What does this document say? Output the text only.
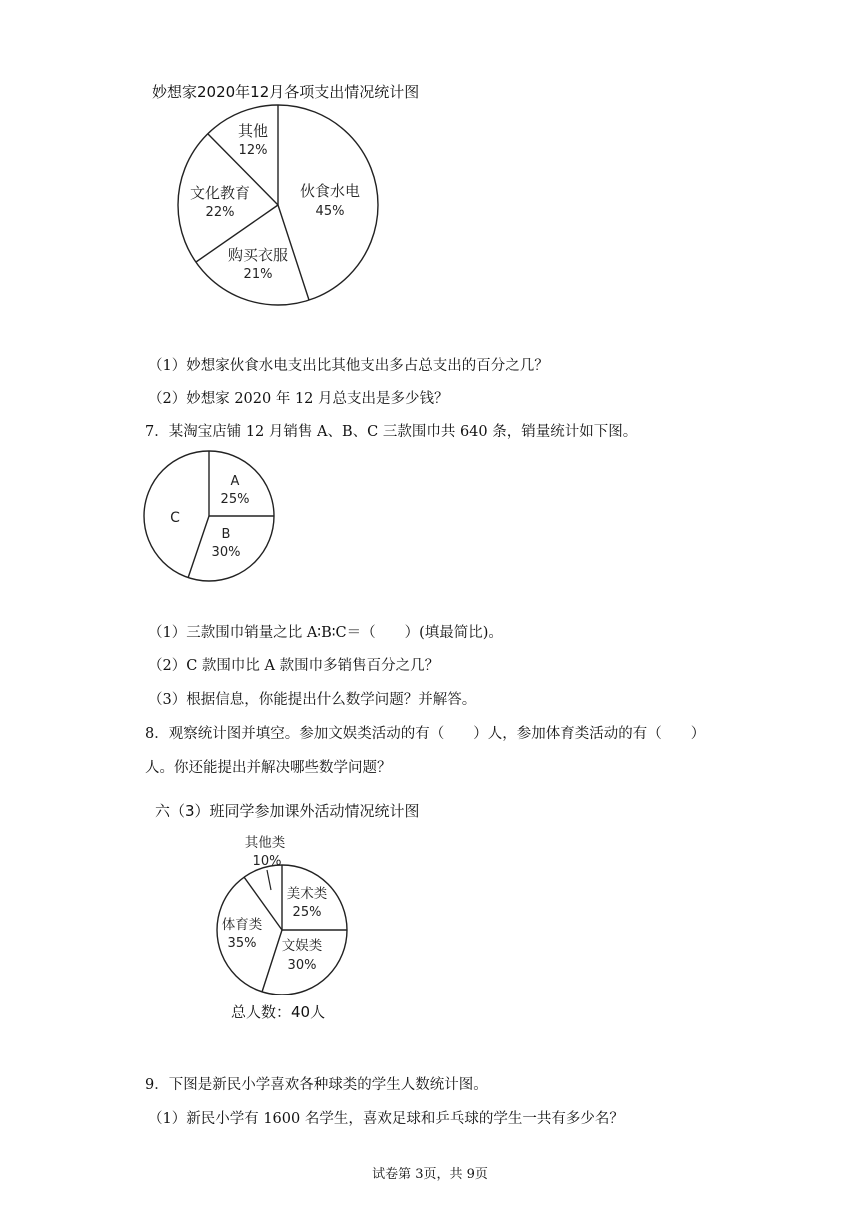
妙想家2020年12月各项支出情况统计图
伙食水电
45%
购买衣服
21%
文化教育
22%
其他
12%
（1）妙想家伙食水电支出比其他支出多占总支出的百分之几？
（2）妙想家 2020 年 12 月总支出是多少钱？
7．某淘宝店铺 12 月销售 A、B、C 三款围巾共 640 条，销量统计如下图。
A
25%
B
30%
C
（1）三款围巾销量之比 A∶B∶C＝（　　）(填最简比)。
（2）C 款围巾比 A 款围巾多销售百分之几？
（3）根据信息，你能提出什么数学问题？并解答。
8．观察统计图并填空。参加文娱类活动的有（　　）人，参加体育类活动的有（　　）
人。你还能提出并解决哪些数学问题？
六（3）班同学参加课外活动情况统计图
美术类
25%
文娱类
30%
体育类
35%
其他类
10%
总人数：40人
9．下图是新民小学喜欢各种球类的学生人数统计图。
（1）新民小学有 1600 名学生，喜欢足球和乒乓球的学生一共有多少名？
试卷第 3页，共 9页
